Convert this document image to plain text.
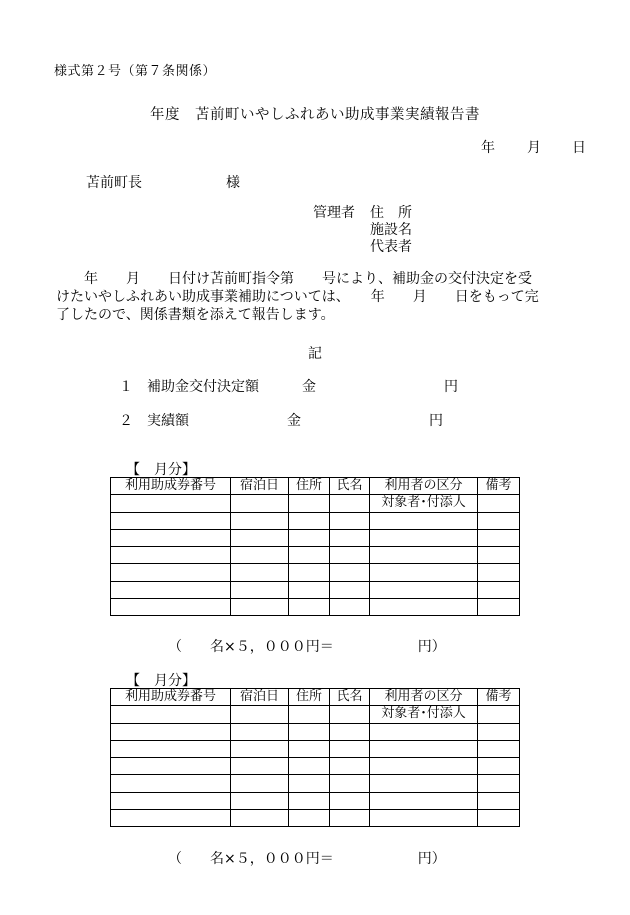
様式第２号（第７条関係）
年度　苫前町いやしふれあい助成事業実績報告書
年 月 日
苫前町長	様
管理者 住　所
施設名
代表者
　　年　　月　　日付け苫前町指令第　　号により、補助金の交付決定を受
けたいやしふれあい助成事業補助については、　　年　　月　　日をもって完
了したので、関係書類を添えて報告します。
記
１ 補助金交付決定額	金	円
２ 実績額	金	円
【　月分】
利用助成券番号	宿泊日	住所	氏名	利用者の区分	備考
				対象者･付添人	

（　　名×５，０００円＝　　　　　　円）
【　月分】
利用助成券番号	宿泊日	住所	氏名	利用者の区分	備考
				対象者･付添人	

（　　名×５，０００円＝　　　　　　円）
